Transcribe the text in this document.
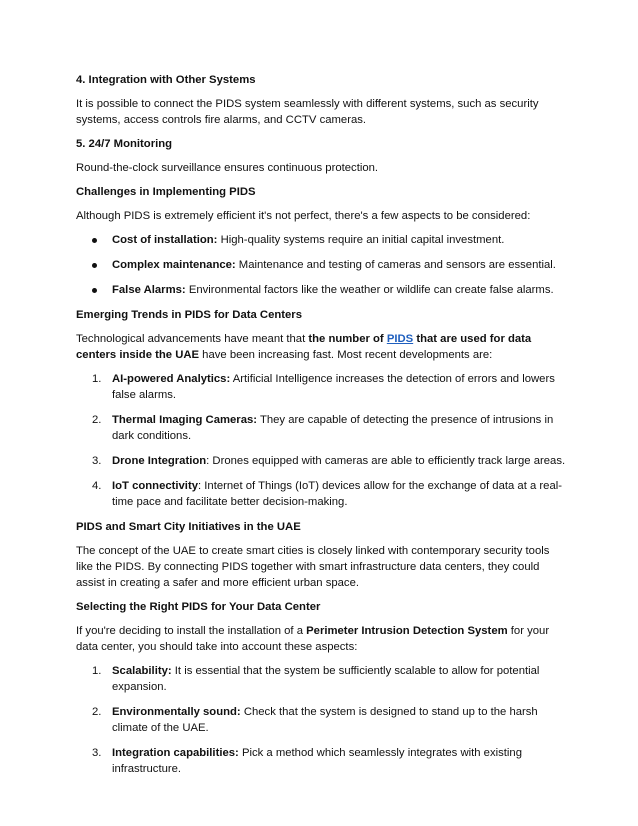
4. Integration with Other Systems
It is possible to connect the PIDS system seamlessly with different systems, such as security systems, access controls fire alarms, and CCTV cameras.
5. 24/7 Monitoring
Round-the-clock surveillance ensures continuous protection.
Challenges in Implementing PIDS
Although PIDS is extremely efficient it's not perfect, there's a few aspects to be considered:
Cost of installation: High-quality systems require an initial capital investment.
Complex maintenance: Maintenance and testing of cameras and sensors are essential.
False Alarms: Environmental factors like the weather or wildlife can create false alarms.
Emerging Trends in PIDS for Data Centers
Technological advancements have meant that the number of PIDS that are used for data centers inside the UAE have been increasing fast. Most recent developments are:
1. AI-powered Analytics: Artificial Intelligence increases the detection of errors and lowers false alarms.
2. Thermal Imaging Cameras: They are capable of detecting the presence of intrusions in dark conditions.
3. Drone Integration: Drones equipped with cameras are able to efficiently track large areas.
4. IoT connectivity: Internet of Things (IoT) devices allow for the exchange of data at a real-time pace and facilitate better decision-making.
PIDS and Smart City Initiatives in the UAE
The concept of the UAE to create smart cities is closely linked with contemporary security tools like the PIDS. By connecting PIDS together with smart infrastructure data centers, they could assist in creating a safer and more efficient urban space.
Selecting the Right PIDS for Your Data Center
If you're deciding to install the installation of a Perimeter Intrusion Detection System for your data center, you should take into account these aspects:
1. Scalability: It is essential that the system be sufficiently scalable to allow for potential expansion.
2. Environmentally sound: Check that the system is designed to stand up to the harsh climate of the UAE.
3. Integration capabilities: Pick a method which seamlessly integrates with existing infrastructure.
